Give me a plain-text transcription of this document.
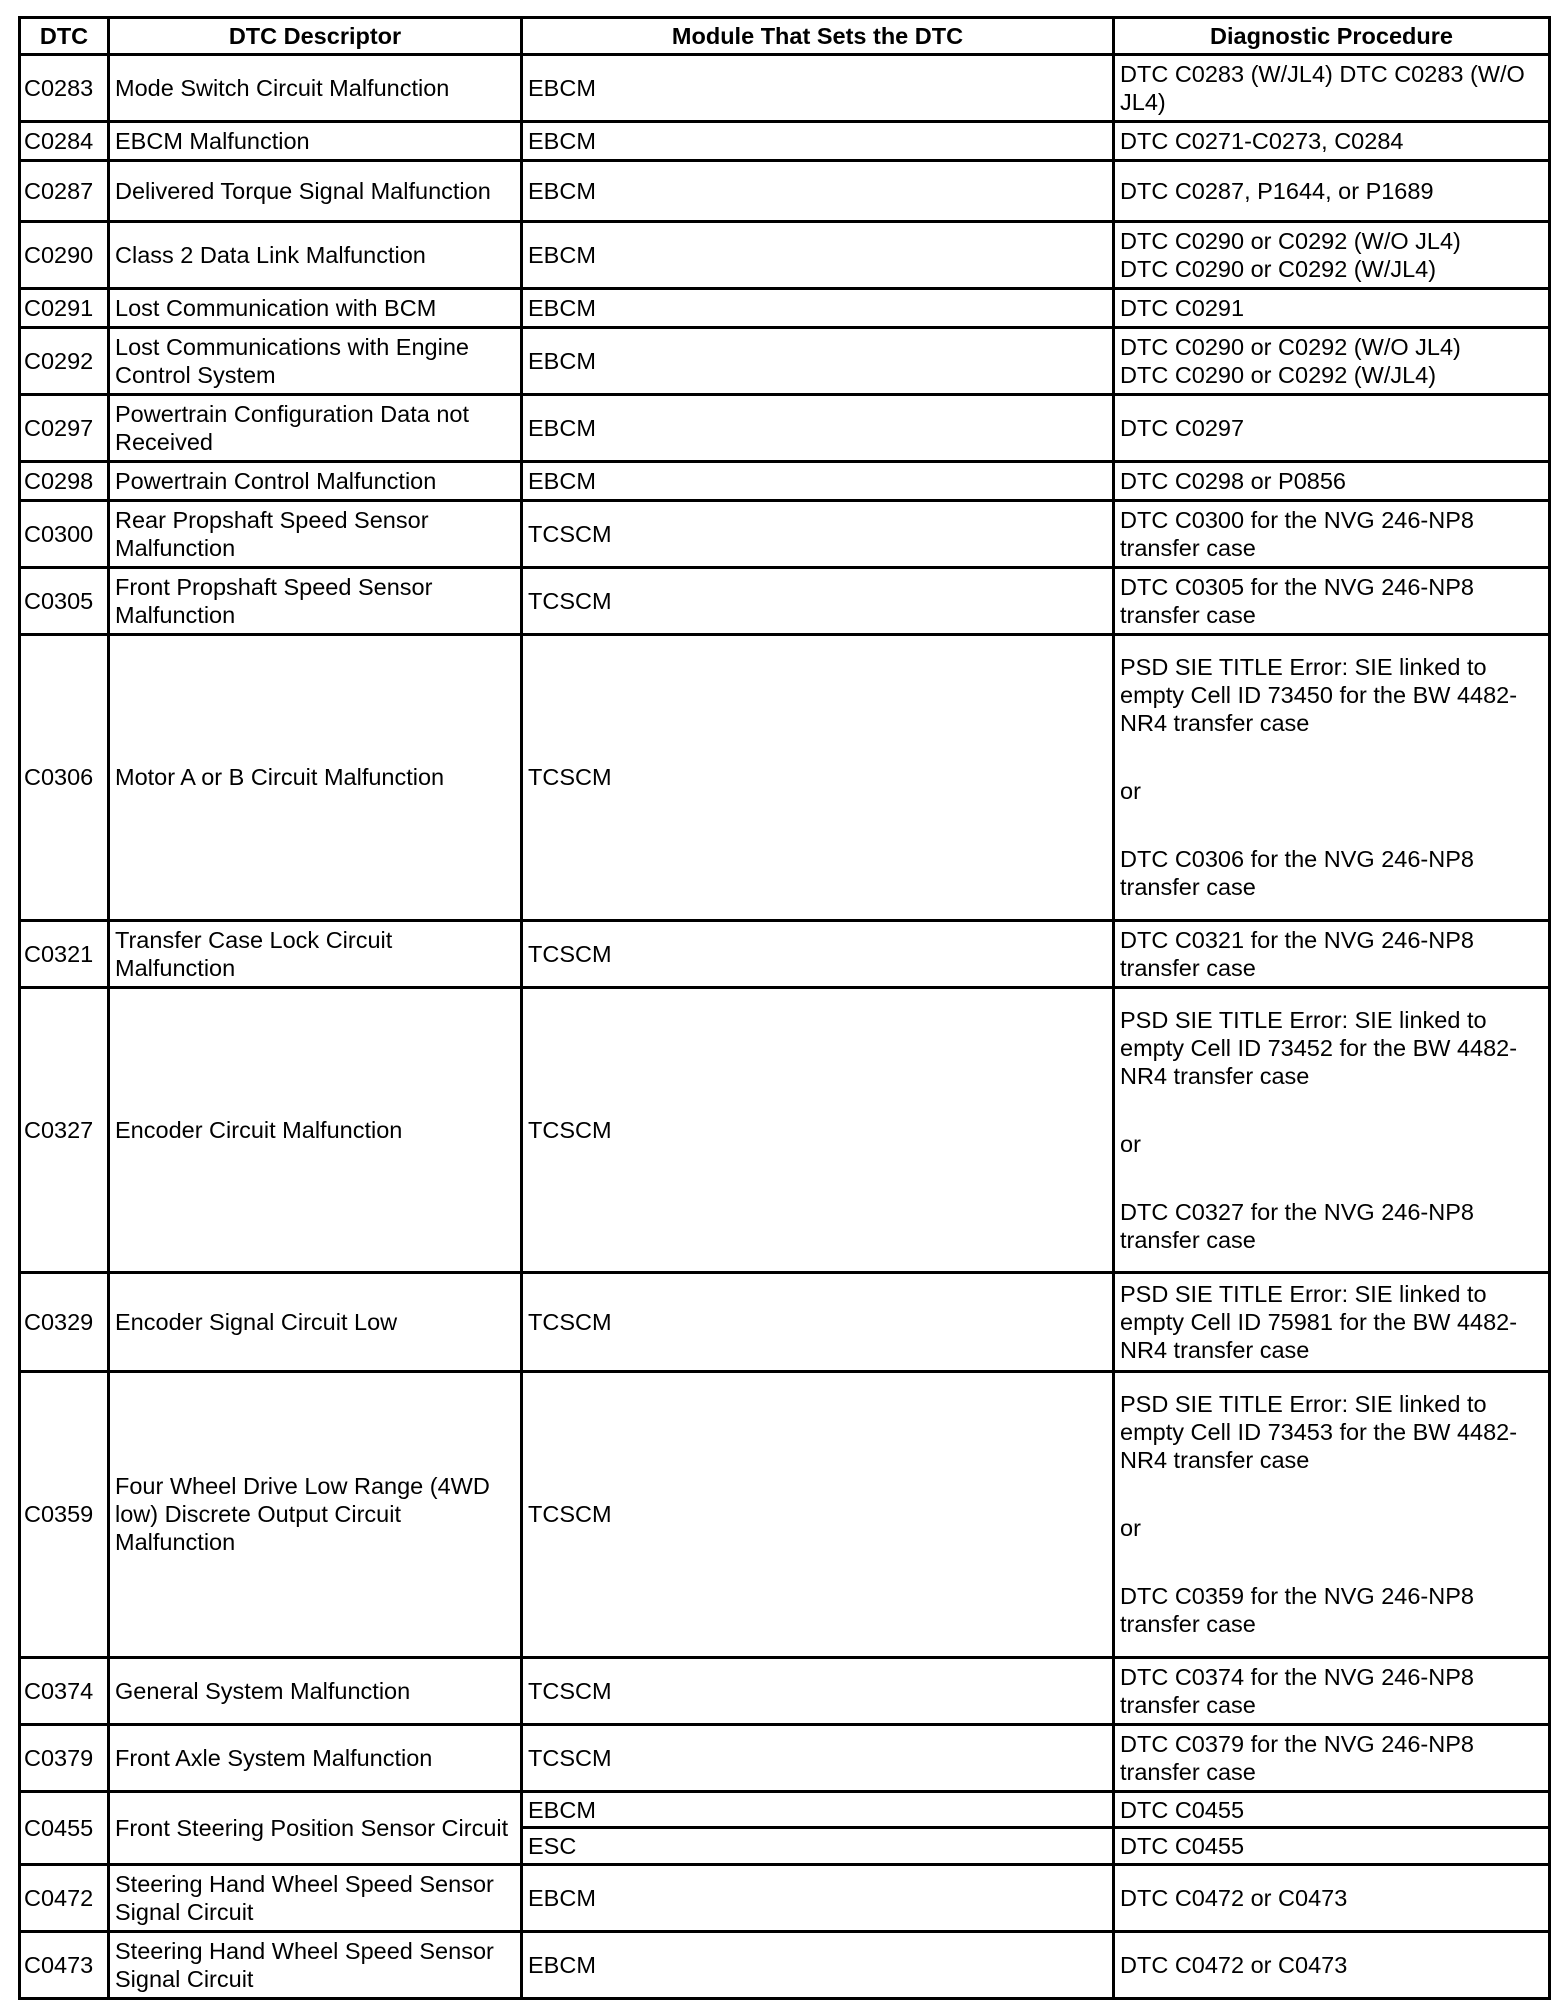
DTC	DTC Descriptor	Module That Sets the DTC	Diagnostic Procedure
C0283	Mode Switch Circuit Malfunction	EBCM	DTC C0283 (W/JL4) DTC C0283 (W/O JL4)

C0284	EBCM Malfunction	EBCM	DTC C0271-C0273, C0284

C0287	Delivered Torque Signal Malfunction	EBCM	DTC C0287, P1644, or P1689

C0290	Class 2 Data Link Malfunction	EBCM	DTC C0290 or C0292 (W/O JL4)
DTC C0290 or C0292 (W/JL4)

C0291	Lost Communication with BCM	EBCM	DTC C0291

C0292	Lost Communications with Engine Control System	EBCM	DTC C0290 or C0292 (W/O JL4)
DTC C0290 or C0292 (W/JL4)

C0297	Powertrain Configuration Data not Received	EBCM	DTC C0297

C0298	Powertrain Control Malfunction	EBCM	DTC C0298 or P0856

C0300	Rear Propshaft Speed Sensor Malfunction	TCSCM	DTC C0300 for the NVG 246-NP8 transfer case

C0305	Front Propshaft Speed Sensor Malfunction	TCSCM	DTC C0305 for the NVG 246-NP8 transfer case

C0306	Motor A or B Circuit Malfunction	TCSCM	PSD SIE TITLE Error: SIE linked to empty Cell ID 73450 for the BW 4482-NR4 transfer case
or
DTC C0306 for the NVG 246-NP8 transfer case

C0321	Transfer Case Lock Circuit Malfunction	TCSCM	DTC C0321 for the NVG 246-NP8 transfer case

C0327	Encoder Circuit Malfunction	TCSCM	PSD SIE TITLE Error: SIE linked to empty Cell ID 73452 for the BW 4482-NR4 transfer case
or
DTC C0327 for the NVG 246-NP8 transfer case

C0329	Encoder Signal Circuit Low	TCSCM	PSD SIE TITLE Error: SIE linked to empty Cell ID 75981 for the BW 4482-NR4 transfer case

C0359	Four Wheel Drive Low Range (4WD low) Discrete Output Circuit Malfunction	TCSCM	PSD SIE TITLE Error: SIE linked to empty Cell ID 73453 for the BW 4482-NR4 transfer case
or
DTC C0359 for the NVG 246-NP8 transfer case

C0374	General System Malfunction	TCSCM	DTC C0374 for the NVG 246-NP8 transfer case

C0379	Front Axle System Malfunction	TCSCM	DTC C0379 for the NVG 246-NP8 transfer case

C0455	Front Steering Position Sensor Circuit	EBCM	DTC C0455

		ESC	DTC C0455

C0472	Steering Hand Wheel Speed Sensor Signal Circuit	EBCM	DTC C0472 or C0473

C0473	Steering Hand Wheel Speed Sensor Signal Circuit	EBCM	DTC C0472 or C0473
